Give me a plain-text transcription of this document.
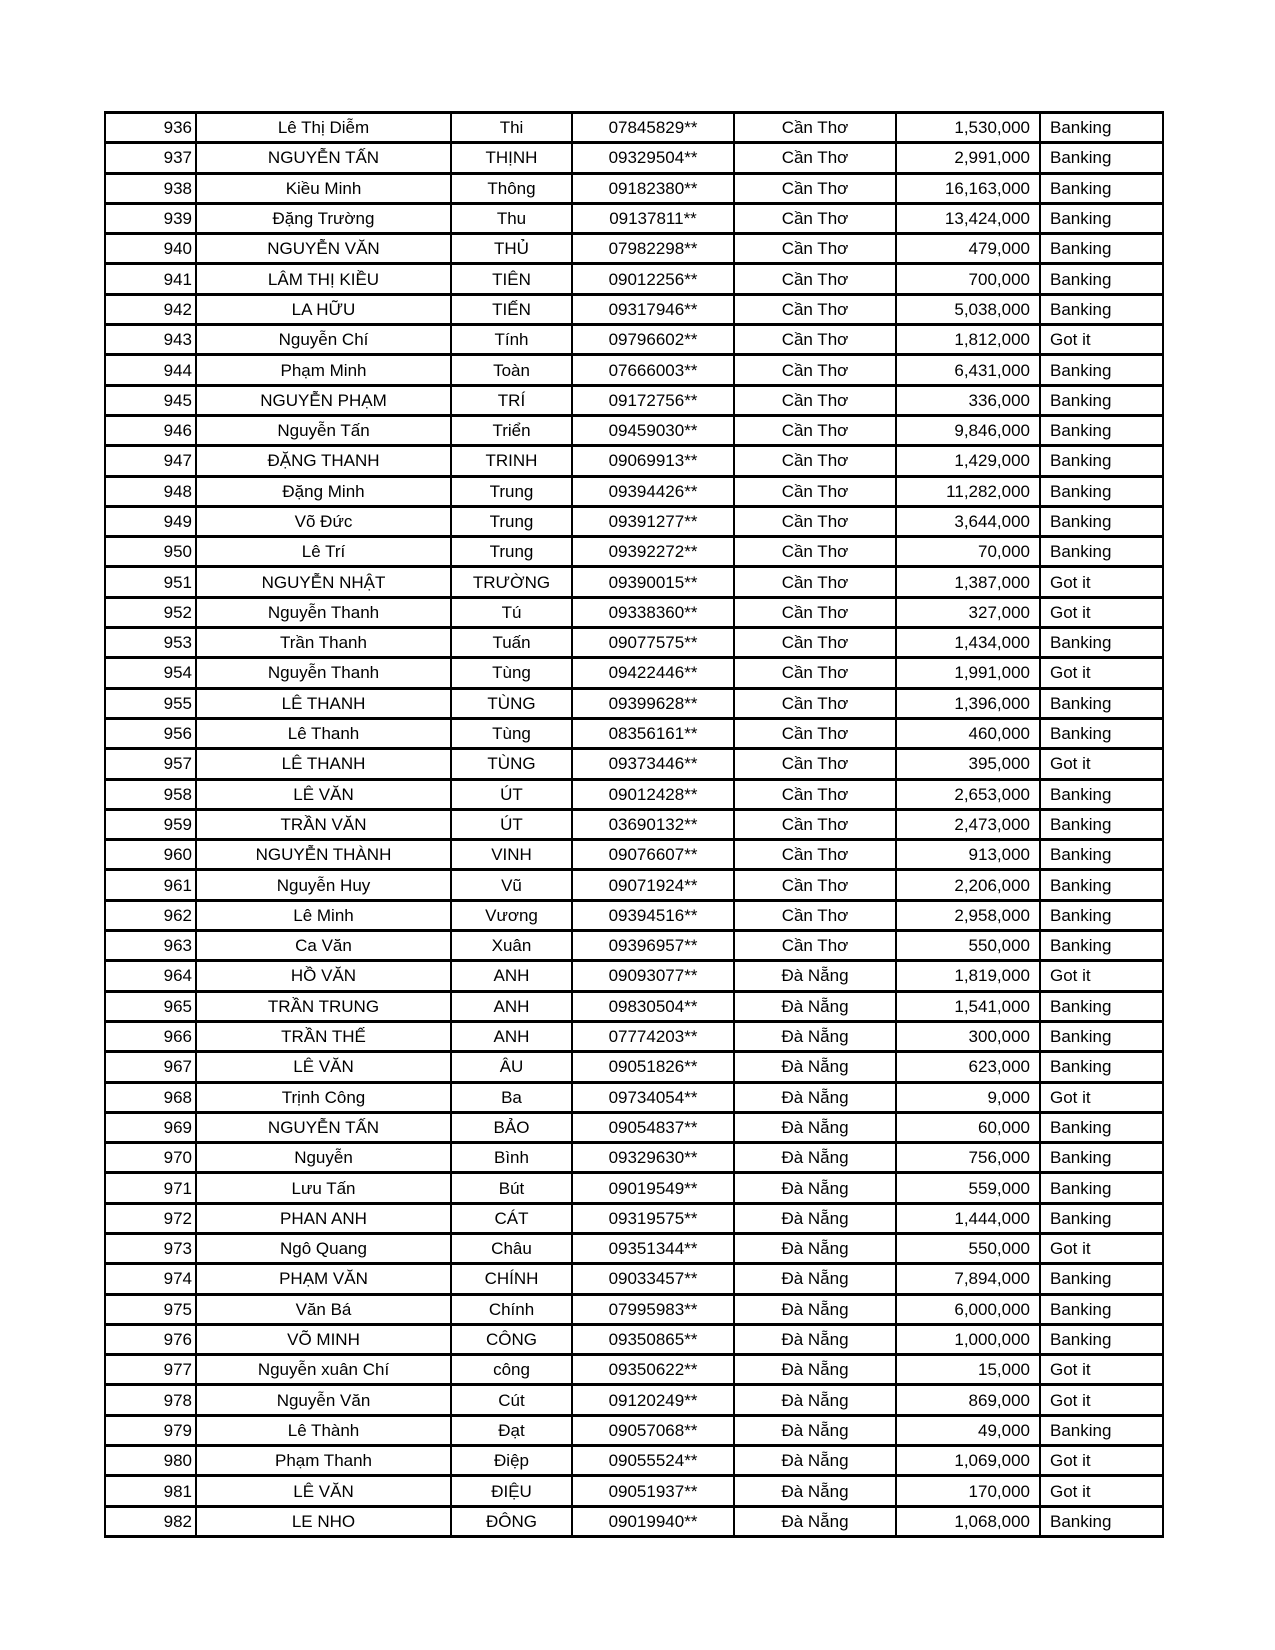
936	Lê Thị Diễm	Thi	07845829**	Cần Thơ	1,530,000	Banking
937	NGUYỄN TẤN	THỊNH	09329504**	Cần Thơ	2,991,000	Banking
938	Kiều Minh	Thông	09182380**	Cần Thơ	16,163,000	Banking
939	Đặng Trường	Thu	09137811**	Cần Thơ	13,424,000	Banking
940	NGUYỄN VĂN	THỦ	07982298**	Cần Thơ	479,000	Banking
941	LÂM THỊ KIỀU	TIÊN	09012256**	Cần Thơ	700,000	Banking
942	LA HỮU	TIẾN	09317946**	Cần Thơ	5,038,000	Banking
943	Nguyễn Chí	Tính	09796602**	Cần Thơ	1,812,000	Got it
944	Phạm Minh	Toàn	07666003**	Cần Thơ	6,431,000	Banking
945	NGUYỄN PHẠM	TRÍ	09172756**	Cần Thơ	336,000	Banking
946	Nguyễn Tấn	Triển	09459030**	Cần Thơ	9,846,000	Banking
947	ĐẶNG THANH	TRINH	09069913**	Cần Thơ	1,429,000	Banking
948	Đặng Minh	Trung	09394426**	Cần Thơ	11,282,000	Banking
949	Võ Đức	Trung	09391277**	Cần Thơ	3,644,000	Banking
950	Lê Trí	Trung	09392272**	Cần Thơ	70,000	Banking
951	NGUYỄN NHẬT	TRƯỜNG	09390015**	Cần Thơ	1,387,000	Got it
952	Nguyễn Thanh	Tú	09338360**	Cần Thơ	327,000	Got it
953	Trần Thanh	Tuấn	09077575**	Cần Thơ	1,434,000	Banking
954	Nguyễn Thanh	Tùng	09422446**	Cần Thơ	1,991,000	Got it
955	LÊ THANH	TÙNG	09399628**	Cần Thơ	1,396,000	Banking
956	Lê Thanh	Tùng	08356161**	Cần Thơ	460,000	Banking
957	LÊ THANH	TÙNG	09373446**	Cần Thơ	395,000	Got it
958	LÊ VĂN	ÚT	09012428**	Cần Thơ	2,653,000	Banking
959	TRẦN VĂN	ÚT	03690132**	Cần Thơ	2,473,000	Banking
960	NGUYỄN THÀNH	VINH	09076607**	Cần Thơ	913,000	Banking
961	Nguyễn Huy	Vũ	09071924**	Cần Thơ	2,206,000	Banking
962	Lê Minh	Vương	09394516**	Cần Thơ	2,958,000	Banking
963	Ca Văn	Xuân	09396957**	Cần Thơ	550,000	Banking
964	HỒ VĂN	ANH	09093077**	Đà Nẵng	1,819,000	Got it
965	TRẦN TRUNG	ANH	09830504**	Đà Nẵng	1,541,000	Banking
966	TRẦN THẾ	ANH	07774203**	Đà Nẵng	300,000	Banking
967	LÊ VĂN	ÂU	09051826**	Đà Nẵng	623,000	Banking
968	Trịnh Công	Ba	09734054**	Đà Nẵng	9,000	Got it
969	NGUYỄN TẤN	BẢO	09054837**	Đà Nẵng	60,000	Banking
970	Nguyễn	Bình	09329630**	Đà Nẵng	756,000	Banking
971	Lưu Tấn	Bút	09019549**	Đà Nẵng	559,000	Banking
972	PHAN ANH	CÁT	09319575**	Đà Nẵng	1,444,000	Banking
973	Ngô Quang	Châu	09351344**	Đà Nẵng	550,000	Got it
974	PHẠM VĂN	CHÍNH	09033457**	Đà Nẵng	7,894,000	Banking
975	Văn Bá	Chính	07995983**	Đà Nẵng	6,000,000	Banking
976	VÕ MINH	CÔNG	09350865**	Đà Nẵng	1,000,000	Banking
977	Nguyễn xuân Chí	công	09350622**	Đà Nẵng	15,000	Got it
978	Nguyễn Văn	Cút	09120249**	Đà Nẵng	869,000	Got it
979	Lê Thành	Đạt	09057068**	Đà Nẵng	49,000	Banking
980	Phạm Thanh	Điệp	09055524**	Đà Nẵng	1,069,000	Got it
981	LÊ VĂN	ĐIỆU	09051937**	Đà Nẵng	170,000	Got it
982	LE NHO	ĐÔNG	09019940**	Đà Nẵng	1,068,000	Banking
